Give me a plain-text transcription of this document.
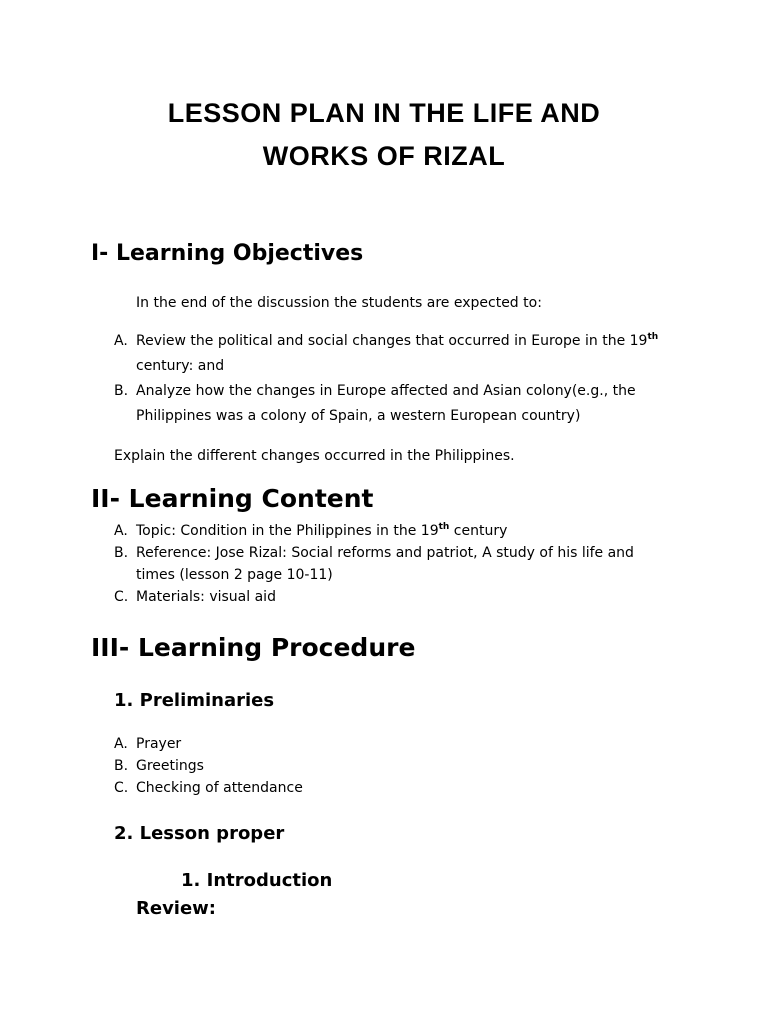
LESSON PLAN IN THE LIFE AND
WORKS OF RIZAL
I- Learning Objectives
In the end of the discussion the students are expected to:
A. Review the political and social changes that occurred in Europe in the 19th
century: and
B. Analyze how the changes in Europe affected and Asian colony(e.g., the
Philippines was a colony of Spain, a western European country)
Explain the different changes occurred in the Philippines.
II- Learning Content
A. Topic: Condition in the Philippines in the 19th century
B. Reference: Jose Rizal: Social reforms and patriot, A study of his life and
times (lesson 2 page 10-11)
C. Materials: visual aid
III- Learning Procedure
1. Preliminaries
A. Prayer
B. Greetings
C. Checking of attendance
2. Lesson proper
1. Introduction
Review:
